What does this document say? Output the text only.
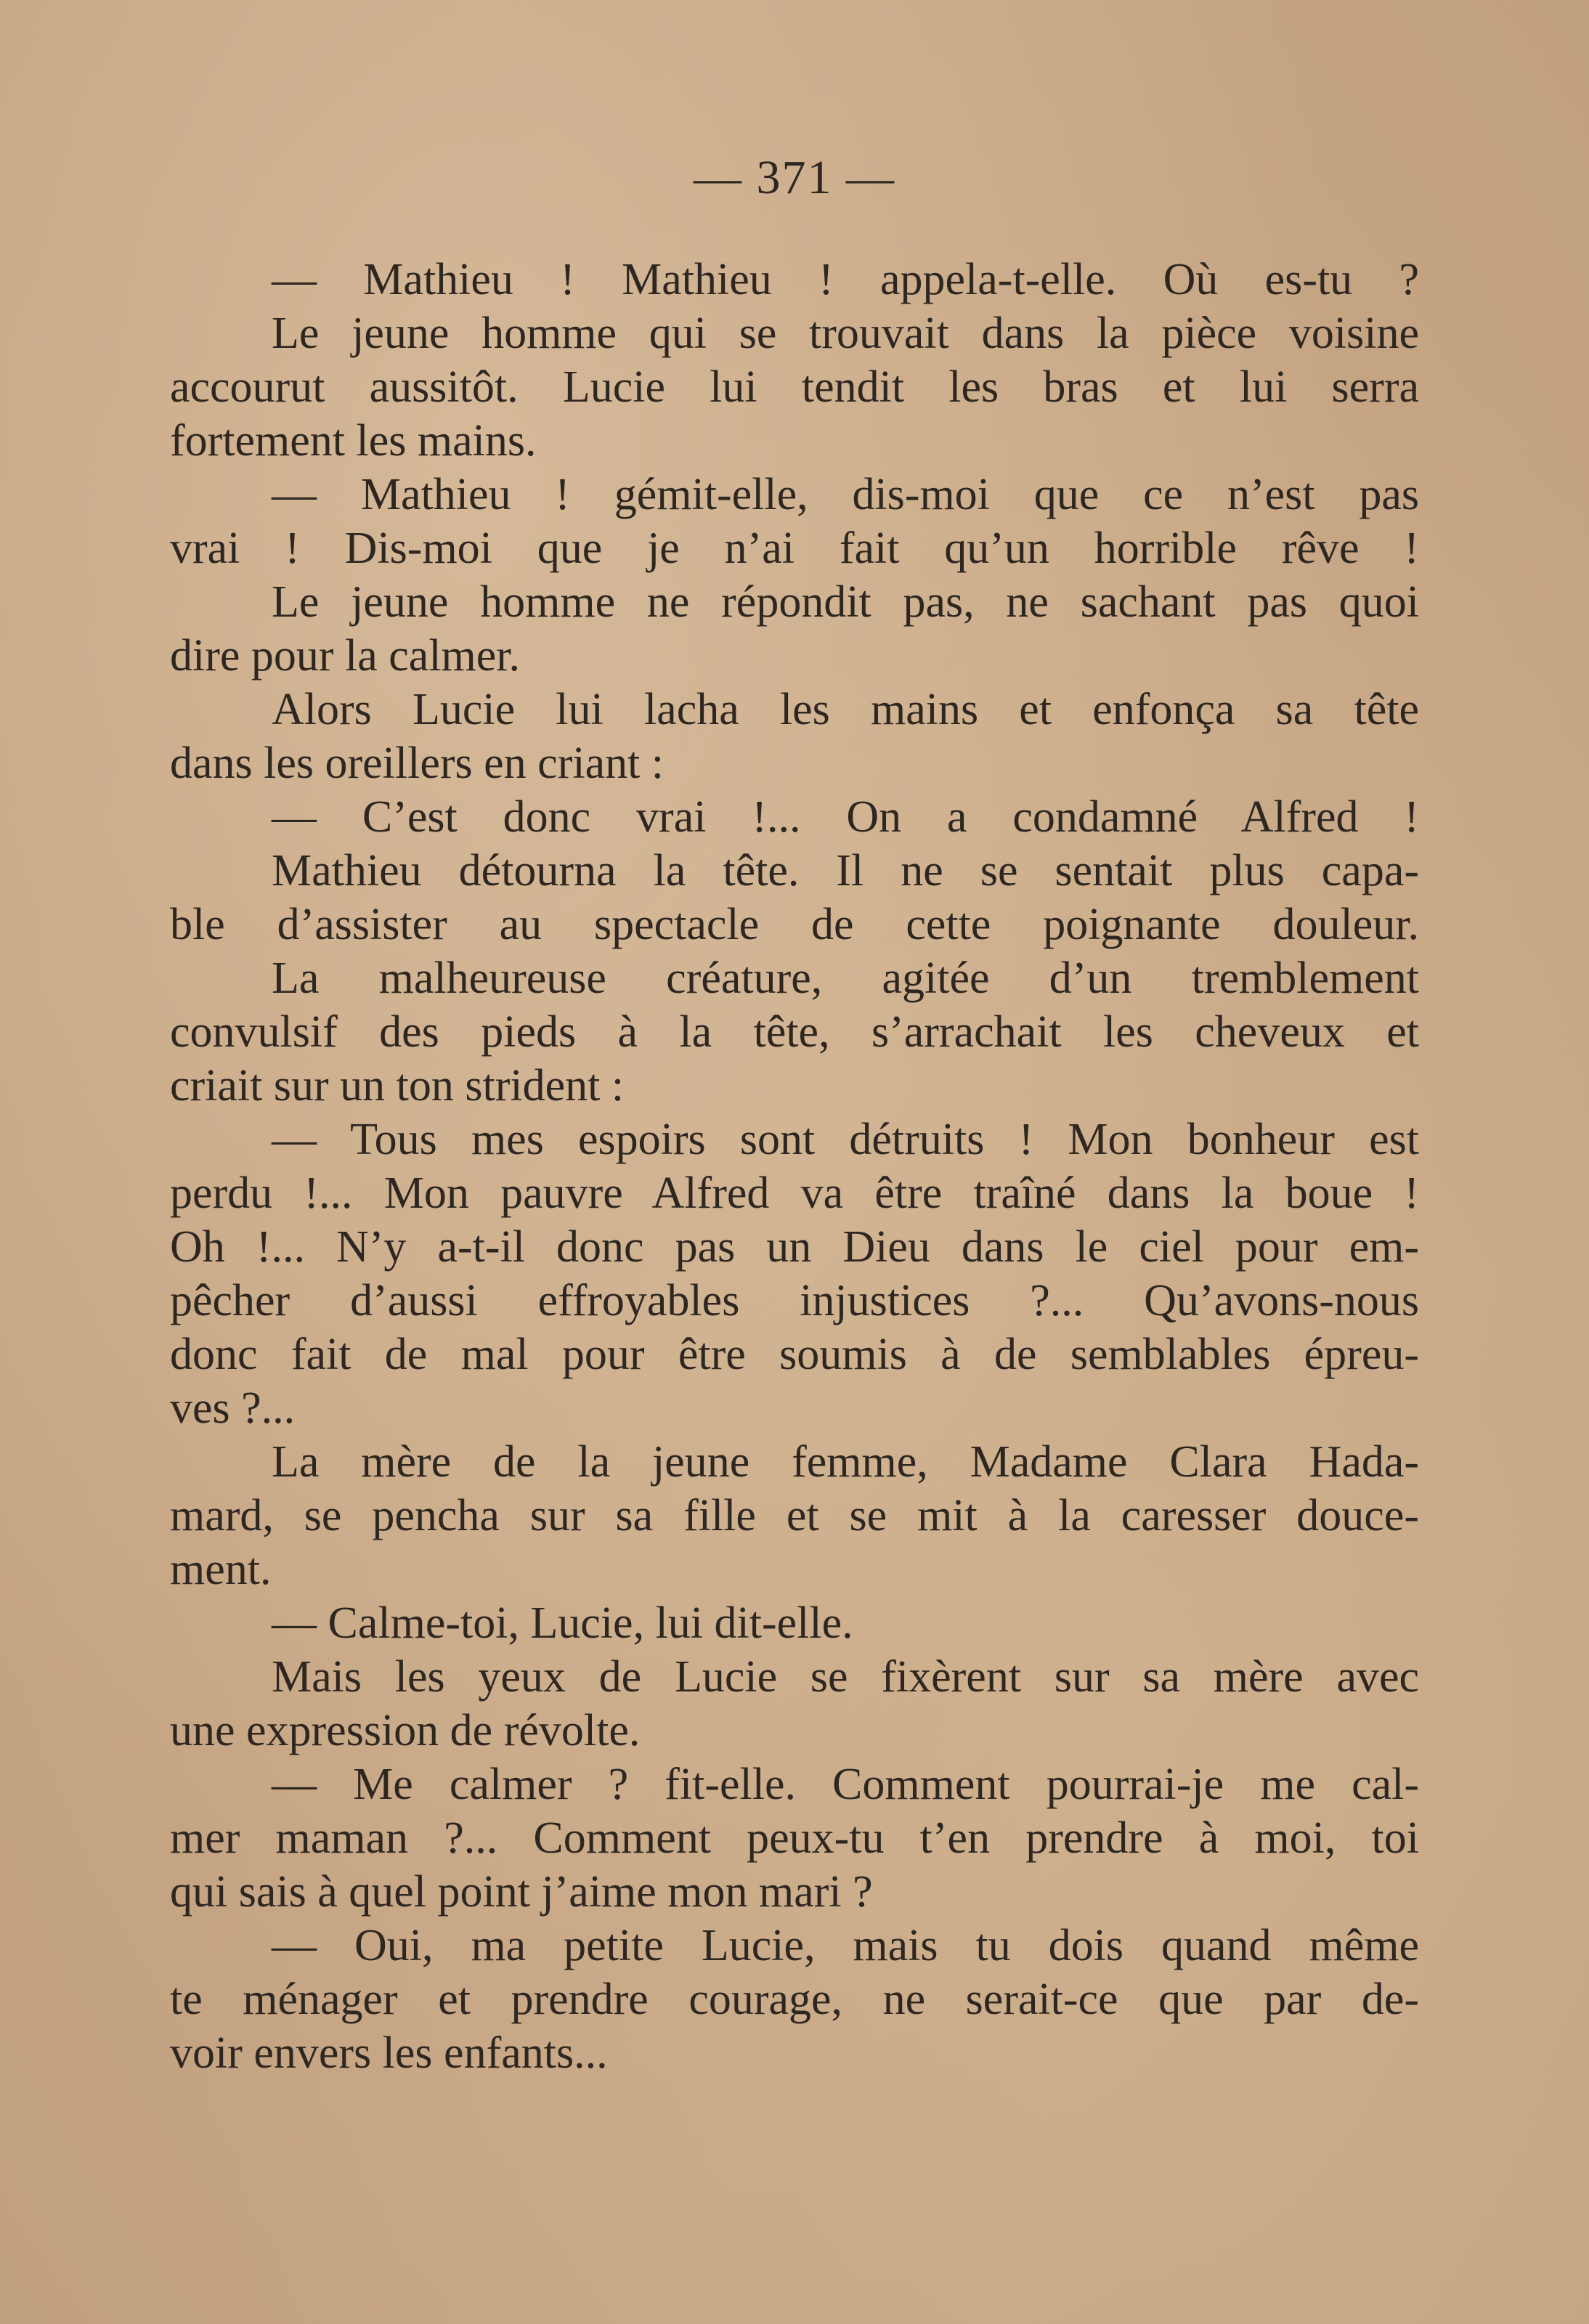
— 371 —
— Mathieu ! Mathieu ! appela-t-elle. Où es-tu ?
Le jeune homme qui se trouvait dans la pièce voisine
accourut aussitôt. Lucie lui tendit les bras et lui serra
fortement les mains.
— Mathieu ! gémit-elle, dis-moi que ce n’est pas
vrai ! Dis-moi que je n’ai fait qu’un horrible rêve !
Le jeune homme ne répondit pas, ne sachant pas quoi
dire pour la calmer.
Alors Lucie lui lacha les mains et enfonça sa tête
dans les oreillers en criant :
— C’est donc vrai !... On a condamné Alfred !
Mathieu détourna la tête. Il ne se sentait plus capa-
ble d’assister au spectacle de cette poignante douleur.
La malheureuse créature, agitée d’un tremblement
convulsif des pieds à la tête, s’arrachait les cheveux et
criait sur un ton strident :
— Tous mes espoirs sont détruits ! Mon bonheur est
perdu !... Mon pauvre Alfred va être traîné dans la boue !
Oh !... N’y a-t-il donc pas un Dieu dans le ciel pour em-
pêcher d’aussi effroyables injustices ?... Qu’avons-nous
donc fait de mal pour être soumis à de semblables épreu-
ves ?...
La mère de la jeune femme, Madame Clara Hada-
mard, se pencha sur sa fille et se mit à la caresser douce-
ment.
— Calme-toi, Lucie, lui dit-elle.
Mais les yeux de Lucie se fixèrent sur sa mère avec
une expression de révolte.
— Me calmer ? fit-elle. Comment pourrai-je me cal-
mer maman ?... Comment peux-tu t’en prendre à moi, toi
qui sais à quel point j’aime mon mari ?
— Oui, ma petite Lucie, mais tu dois quand même
te ménager et prendre courage, ne serait-ce que par de-
voir envers les enfants...
